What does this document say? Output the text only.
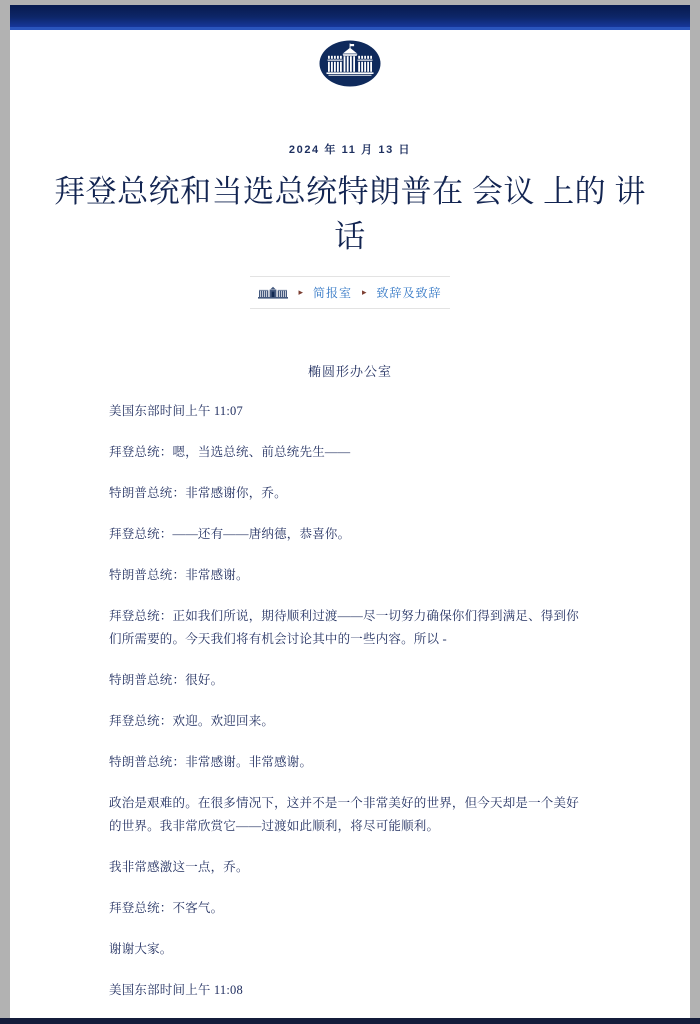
2024 年 11 月 13 日
拜登总统和当选总统特朗普在 会议 上的 讲话
▸ 简报室 ▸ 致辞及致辞
椭圆形办公室

美国东部时间上午 11:07

拜登总统：嗯，当选总统、前总统先生——

特朗普总统：非常感谢你，乔。

拜登总统：——还有——唐纳德，恭喜你。

特朗普总统：非常感谢。

拜登总统：正如我们所说，期待顺利过渡——尽一切努力确保你们得到满足、得到你们所需要的。今天我们将有机会讨论其中的一些内容。所以 -

特朗普总统：很好。

拜登总统：欢迎。欢迎回来。

特朗普总统：非常感谢。非常感谢。

政治是艰难的。在很多情况下，这并不是一个非常美好的世界，但今天却是一个美好的世界。我非常欣赏它——过渡如此顺利，将尽可能顺利。

我非常感激这一点，乔。

拜登总统：不客气。

谢谢大家。

美国东部时间上午 11:08
